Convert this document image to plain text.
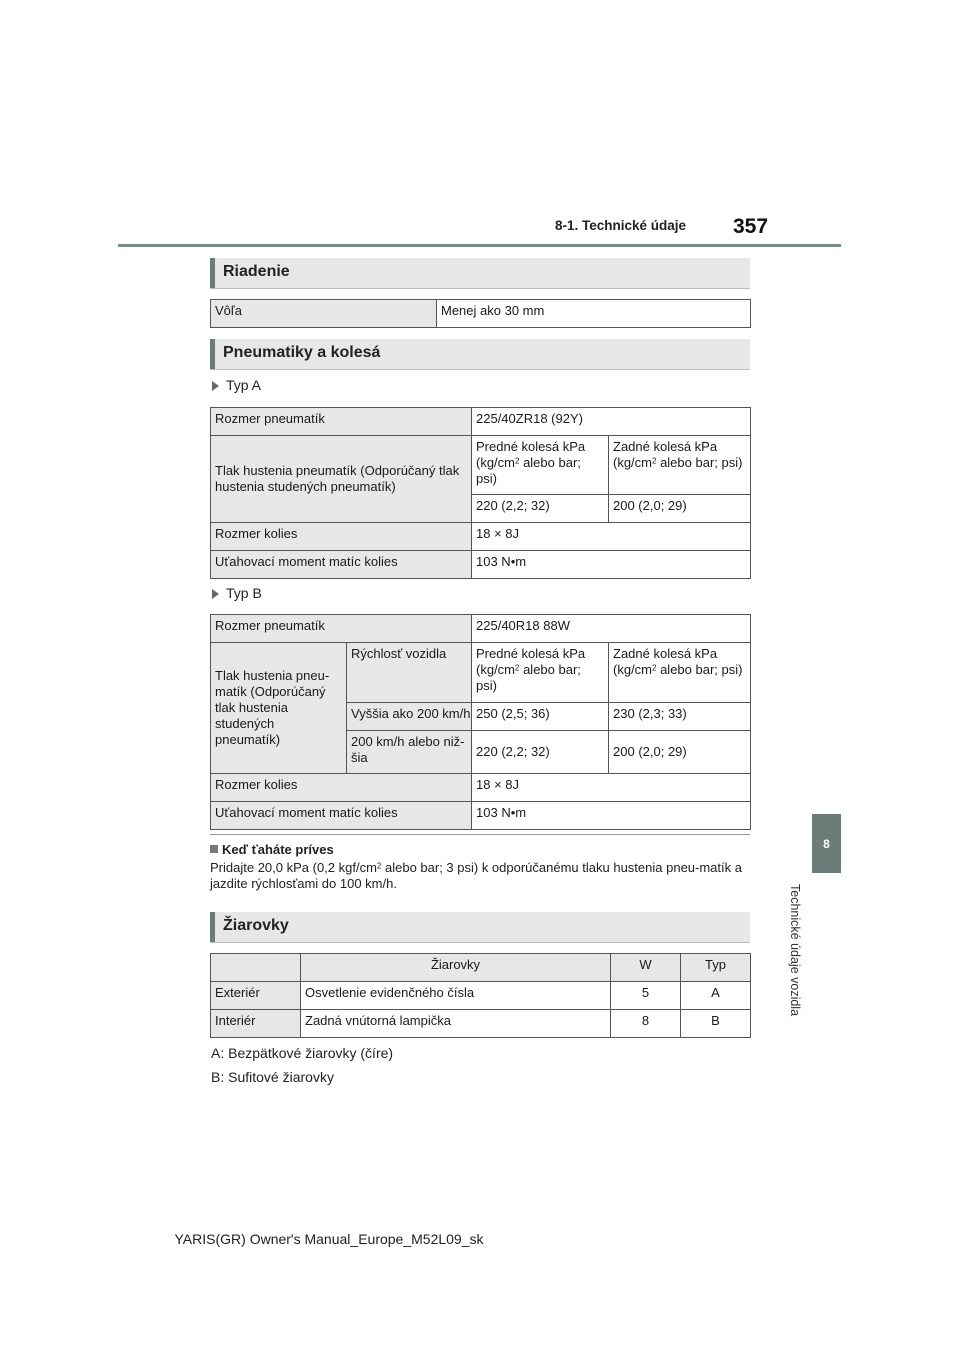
8-1. Technické údaje 357
8
Technické údaje vozidla
Riadenie
Vôľa	Menej ako 30 mm
Pneumatiky a kolesá
Typ A
Rozmer pneumatík	225/40ZR18 (92Y)	
Tlak hustenia pneumatík (Odporúčaný tlak hustenia studených pneumatík)	Predné kolesá kPa ($kg/cm^2$ alebo bar; psi)	Zadné kolesá kPa ($kg/cm^2$ alebo bar; psi)
	220 (2,2; 32)	200 (2,0; 29)
Rozmer kolies	18 × 8J	
Uťahovací moment matíc kolies	103 N•m	
Typ B
Rozmer pneumatík		225/40R18 88W	
Tlak hustenia pneu-matík (Odporúčaný tlak hustenia studených pneumatík)	Rýchlosť vozidla	Predné kolesá kPa ($kg/cm^2$ alebo bar; psi)	Zadné kolesá kPa ($kg/cm^2$ alebo bar; psi)
	Vyššia ako 200 km/h	250 (2,5; 36)	230 (2,3; 33)
	200 km/h alebo niž-šia	220 (2,2; 32)	200 (2,0; 29)
Rozmer kolies		18 × 8J	
Uťahovací moment matíc kolies		103 N•m	
Keď ťaháte príves
Pridajte 20,0 kPa (0,2 kgf/$cm^2$ alebo bar; 3 psi) k odporúčanému tlaku hustenia pneu-matík a jazdite rýchlosťami do 100 km/h.
Žiarovky
	Žiarovky	W	Typ
Exteriér	Osvetlenie evidenčného čísla	5	A
Interiér	Zadná vnútorná lampička	8	B
A: Bezpätkové žiarovky (číre)
B: Sufitové žiarovky
YARIS(GR) Owner's Manual_Europe_M52L09_sk
